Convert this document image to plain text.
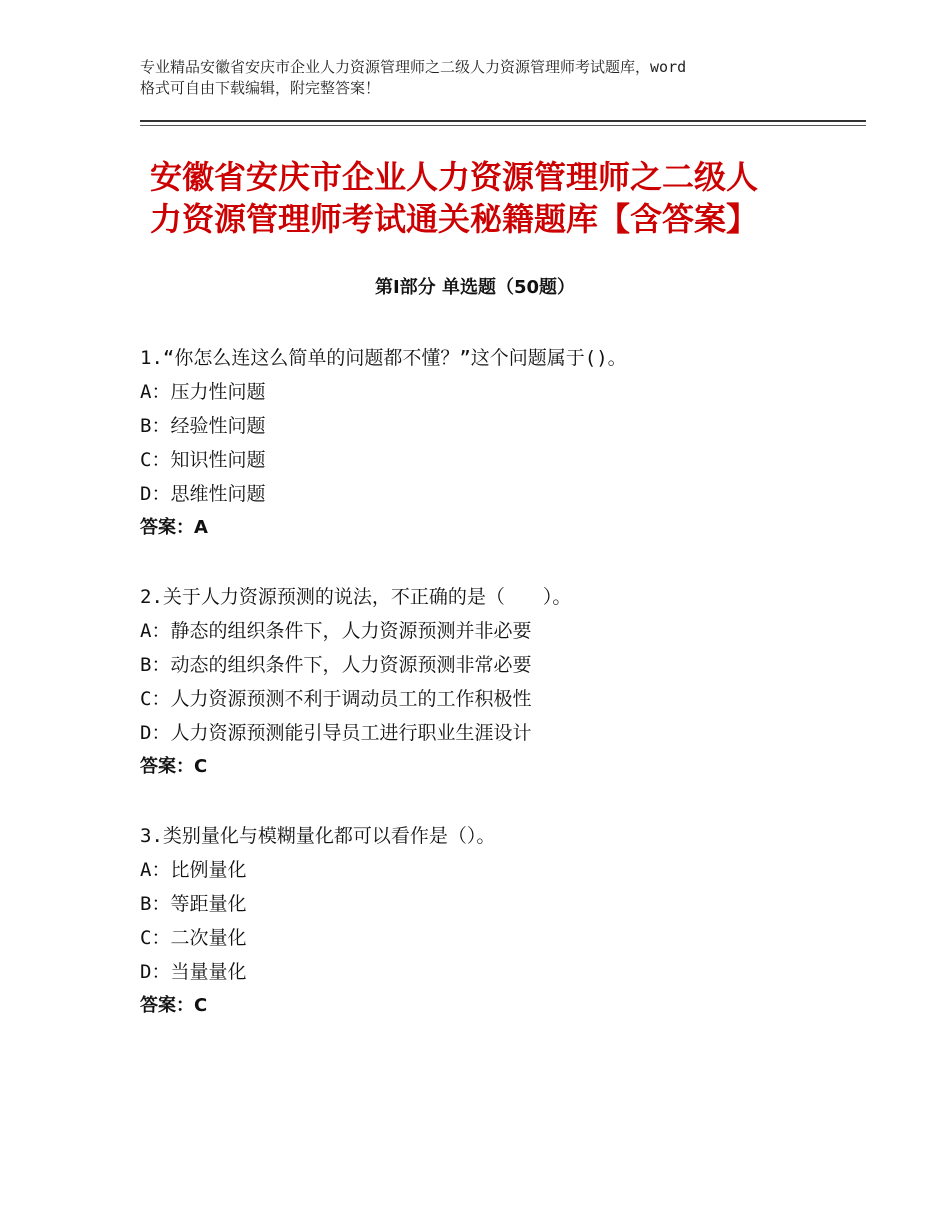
专业精品安徽省安庆市企业人力资源管理师之二级人力资源管理师考试题库，word
格式可自由下载编辑，附完整答案！
安徽省安庆市企业人力资源管理师之二级人
力资源管理师考试通关秘籍题库【含答案】
第Ⅰ部分 单选题（50题）
1.“你怎么连这么简单的问题都不懂？”这个问题属于()。
A：压力性问题
B：经验性问题
C：知识性问题
D：思维性问题
答案：A
2.关于人力资源预测的说法，不正确的是（　　）。
A：静态的组织条件下，人力资源预测并非必要
B：动态的组织条件下，人力资源预测非常必要
C：人力资源预测不利于调动员工的工作积极性
D：人力资源预测能引导员工进行职业生涯设计
答案：C
3.类别量化与模糊量化都可以看作是（）。
A：比例量化
B：等距量化
C：二次量化
D：当量量化
答案：C
